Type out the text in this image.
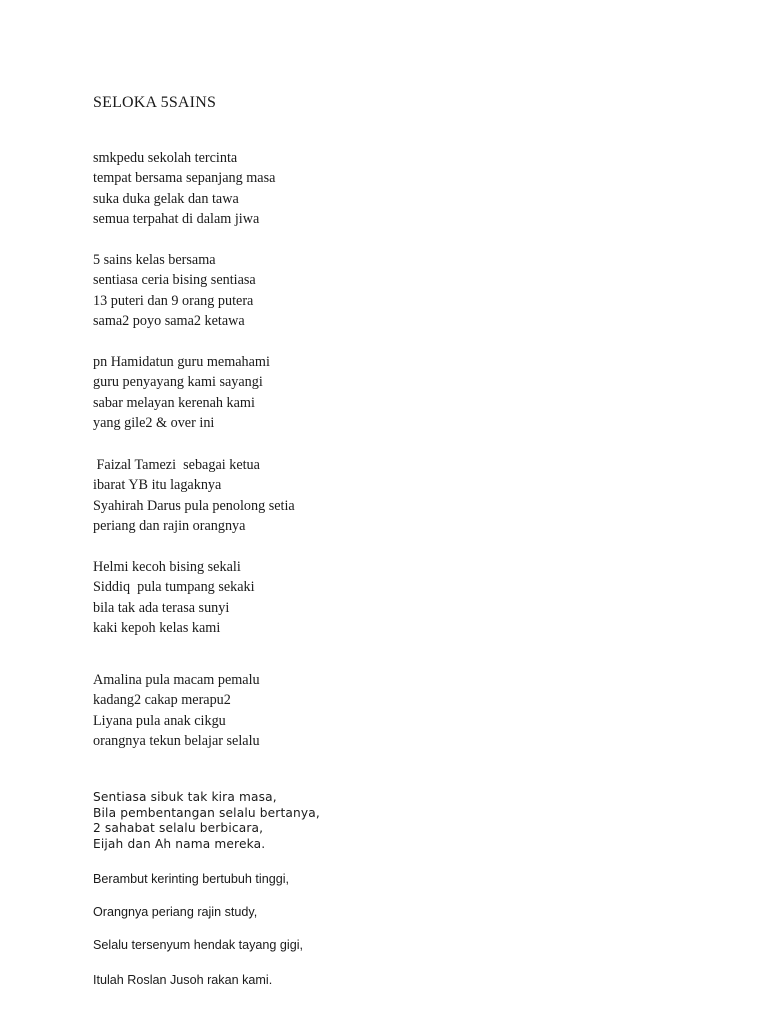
SELOKA 5SAINS
smkpedu sekolah tercinta
tempat bersama sepanjang masa
suka duka gelak dan tawa
semua terpahat di dalam jiwa
5 sains kelas bersama
sentiasa ceria bising sentiasa
13 puteri dan 9 orang putera
sama2 poyo sama2 ketawa
pn Hamidatun guru memahami
guru penyayang kami sayangi
sabar melayan kerenah kami
yang gile2 & over ini
Faizal Tamezi  sebagai ketua
ibarat YB itu lagaknya
Syahirah Darus pula penolong setia
periang dan rajin orangnya
Helmi kecoh bising sekali
Siddiq  pula tumpang sekaki
bila tak ada terasa sunyi
kaki kepoh kelas kami
Amalina pula macam pemalu
kadang2 cakap merapu2
Liyana pula anak cikgu
orangnya tekun belajar selalu
Sentiasa sibuk tak kira masa,
Bila pembentangan selalu bertanya,
2 sahabat selalu berbicara,
Eijah dan Ah nama mereka.
Berambut kerinting bertubuh tinggi,
Orangnya periang rajin study,
Selalu tersenyum hendak tayang gigi,
Itulah Roslan Jusoh rakan kami.
